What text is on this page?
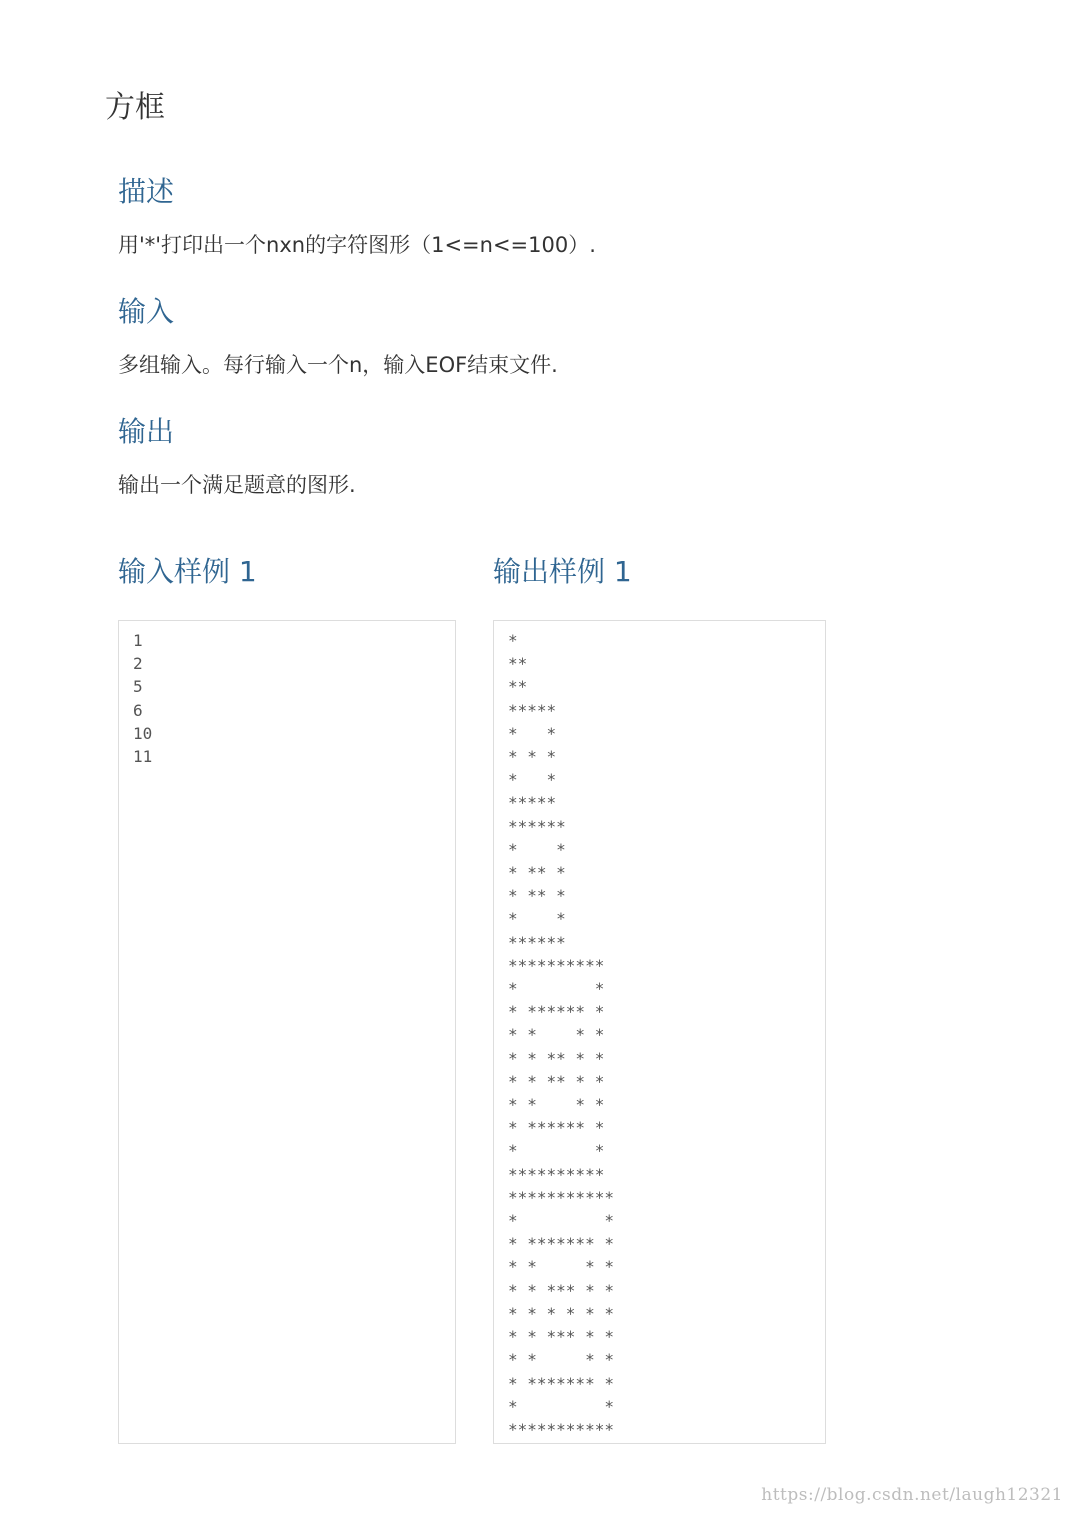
方框
描述

用'*'打印出一个nxn的字符图形（1<=n<=100）.

输入

多组输入。每行输入一个n，输入EOF结束文件.

输出

输出一个满足题意的图形.

输入样例 1	输出样例 1
1
2
5
6
10
11
*
**
**
*****
*   *
* * *
*   *
*****
******
*    *
* ** *
* ** *
*    *
******
**********
*        *
* ****** *
* *    * *
* * ** * *
* * ** * *
* *    * *
* ****** *
*        *
**********
***********
*         *
* ******* *
* *     * *
* * *** * *
* * * * * *
* * *** * *
* *     * *
* ******* *
*         *
***********
https://blog.csdn.net/laugh12321
